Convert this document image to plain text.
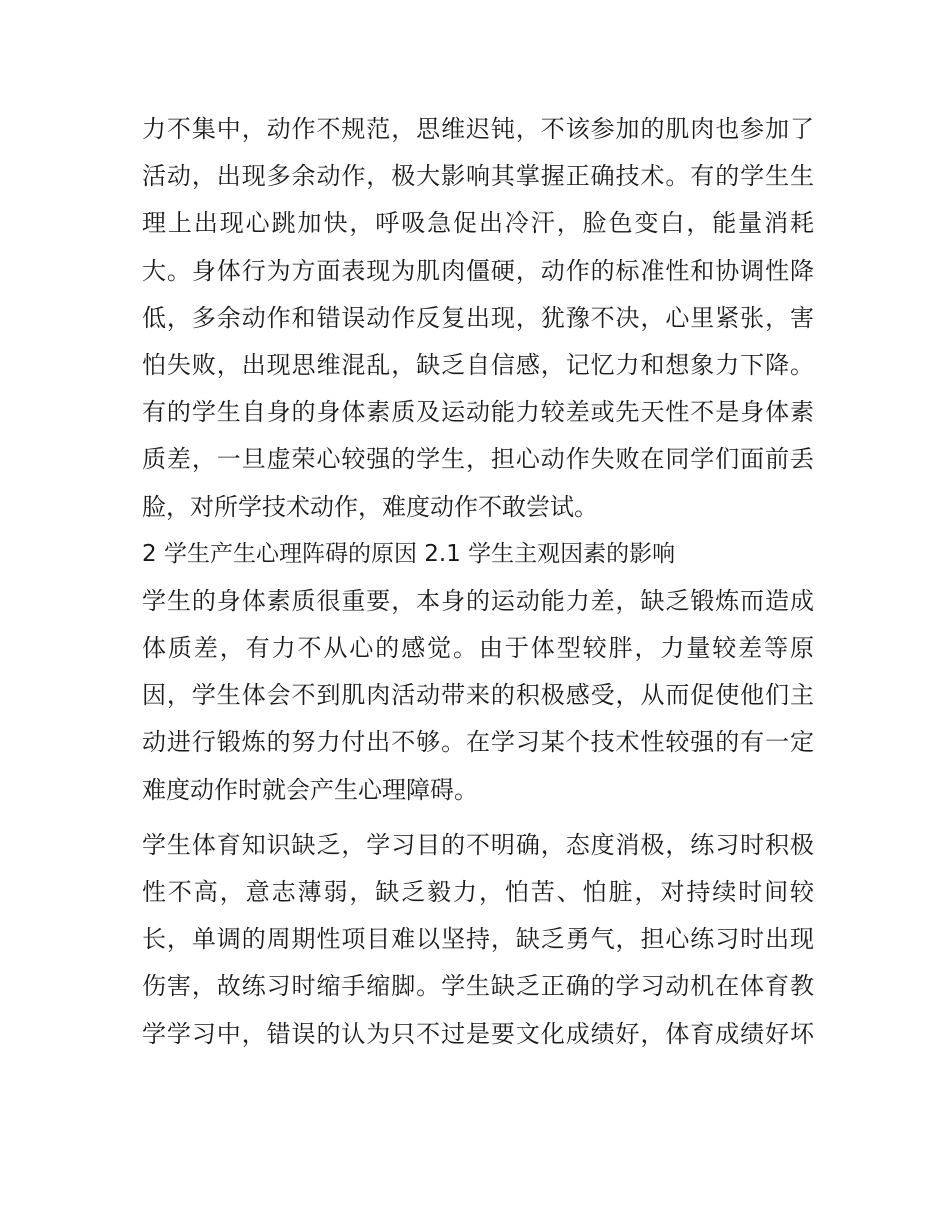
力不集中，动作不规范，思维迟钝，不该参加的肌肉也参加了
活动，出现多余动作，极大影响其掌握正确技术。有的学生生
理上出现心跳加快，呼吸急促出冷汗，脸色变白，能量消耗
大。身体行为方面表现为肌肉僵硬，动作的标准性和协调性降
低，多余动作和错误动作反复出现，犹豫不决，心里紧张，害
怕失败，出现思维混乱，缺乏自信感，记忆力和想象力下降。
有的学生自身的身体素质及运动能力较差或先天性不是身体素
质差，一旦虚荣心较强的学生，担心动作失败在同学们面前丢
脸，对所学技术动作，难度动作不敢尝试。
2 学生产生心理阵碍的原因 2.1 学生主观因素的影响
学生的身体素质很重要，本身的运动能力差，缺乏锻炼而造成
体质差，有力不从心的感觉。由于体型较胖，力量较差等原
因，学生体会不到肌肉活动带来的积极感受，从而促使他们主
动进行锻炼的努力付出不够。在学习某个技术性较强的有一定
难度动作时就会产生心理障碍。
学生体育知识缺乏，学习目的不明确，态度消极，练习时积极
性不高，意志薄弱，缺乏毅力，怕苦、怕脏，对持续时间较
长，单调的周期性项目难以坚持，缺乏勇气，担心练习时出现
伤害，故练习时缩手缩脚。学生缺乏正确的学习动机在体育教
学学习中，错误的认为只不过是要文化成绩好，体育成绩好坏
